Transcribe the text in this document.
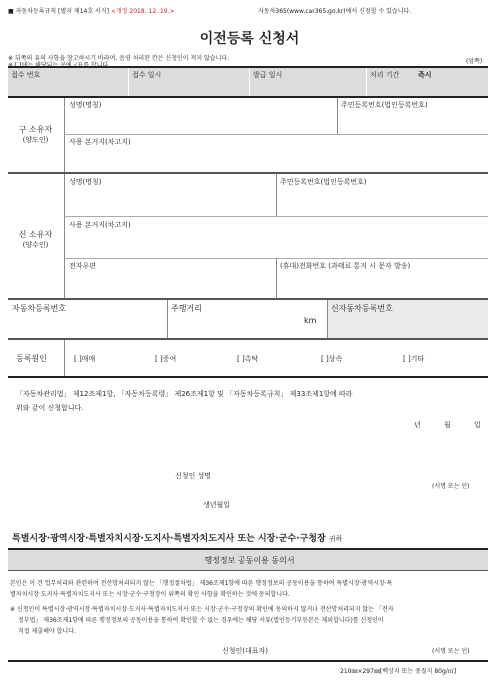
■ 자동차등록규칙 [별지 제14호 서식] <개정 2018. 12. 19.>	자동차365(www.car365.go.kr)에서 신청할 수 있습니다.
이전등록 신청서
※ 뒤쪽의 유의 사항을 참고하시기 바라며, 음영 처리된 칸은 신청인이 적지 않습니다.	(앞쪽)
접수 번호	접수 일시	발급 일시	처리 기간	즉시
구 소유자
(양도인)
성명(명칭)	주민등록번호(법인등록번호)
사용 본거지(차고지)
신 소유자
(양수인)
성명(명칭)	주민등록번호(법인등록번호)
사용 본거지(차고지)
전자우편	(휴대)전화번호 (과태료 통지 시 문자 발송)
자동차등록번호	주행거리
km
신자동차등록번호
등록원인	[ ]매매	[ ]증여	[ ]촉탁	[ ]상속	[ ]기타
「자동차관리법」 제12조제1항, 「자동차등록령」 제26조제1항 및 「자동차등록규칙」 제33조제1항에 따라
위와 같이 신청합니다.
년	월	일
신청인 성명
(서명 또는 인)
생년월일
특별시장·광역시장·특별자치시장·도지사·특별자치도지사 또는 시장·군수·구청장 귀하
행정정보 공동이용 동의서
본인은 이 건 업무처리와 관련하여 전산망처리되지 않는 「행정절차법」 제36조제1항에 따른 행정정보의 공동이용을 통하여 특별시장·광역시장·특
별자치시장·도지사·특별자치도지사 또는 시장·군수·구청장이 위쪽의 확인 사항을 확인하는 것에 동의합니다.
※ 신청인이 특별시장·광역시장·특별자치시장·도지사·특별자치도지사 또는 시장·군수·구청장의 확인에 동의하지 않거나 전산망처리되지 않는 「전자
정부법」 제36조제1항에 따른 행정정보의 공동이용을 통하여 확인할 수 없는 경우에는 해당 서류(법인등기부등본은 제외합니다)를 신청인이
직접 제출해야 합니다.
신청인(대표자)	(서명 또는 인)
210㎜×297㎜[백상지 또는 중질지 80g/㎡]
